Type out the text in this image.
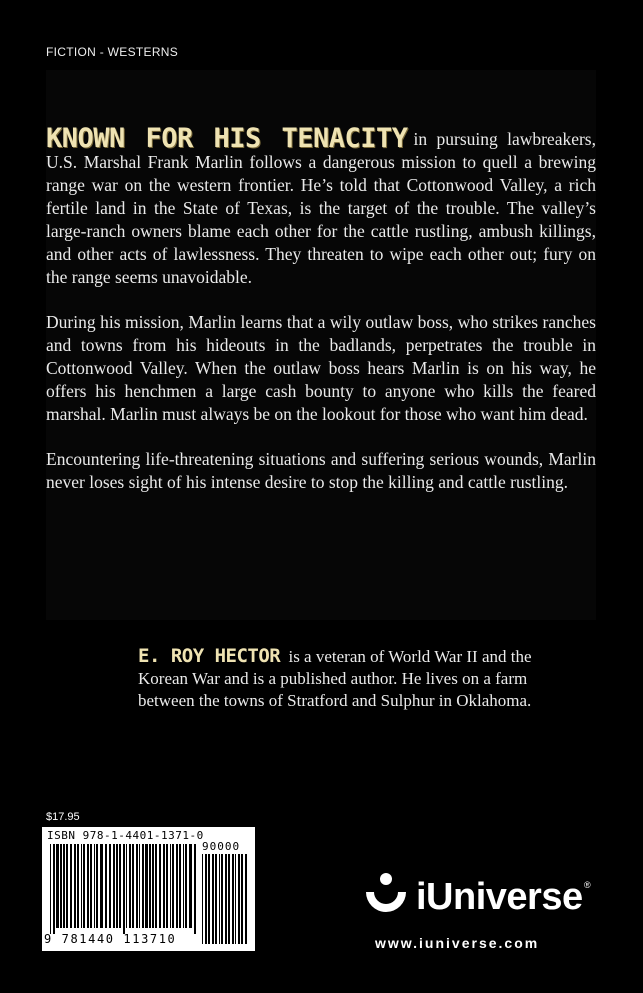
FICTION - WESTERNS

KNOWN FOR HIS TENACITY in pursuing lawbreakers, U.S. Marshal Frank Marlin follows a dangerous mission to quell a brewing range war on the western frontier. He’s told that Cottonwood Valley, a rich fertile land in the State of Texas, is the target of the trouble. The valley’s large-ranch owners blame each other for the cattle rustling, ambush killings, and other acts of lawlessness. They threaten to wipe each other out; fury on the range seems unavoidable.

During his mission, Marlin learns that a wily outlaw boss, who strikes ranches and towns from his hideouts in the badlands, perpetrates the trouble in Cottonwood Valley. When the outlaw boss hears Marlin is on his way, he offers his henchmen a large cash bounty to anyone who kills the feared marshal. Marlin must always be on the lookout for those who want him dead.

Encountering life-threatening situations and suffering serious wounds, Marlin never loses sight of his intense desire to stop the killing and cattle rustling.

E. ROY HECTOR is a veteran of World War II and the Korean War and is a published author. He lives on a farm between the towns of Stratford and Sulphur in Oklahoma.
$17.95
ISBN 978-1-4401-1371-0
9 781440 113710
90000
iUniverse ®
www.iuniverse.com
